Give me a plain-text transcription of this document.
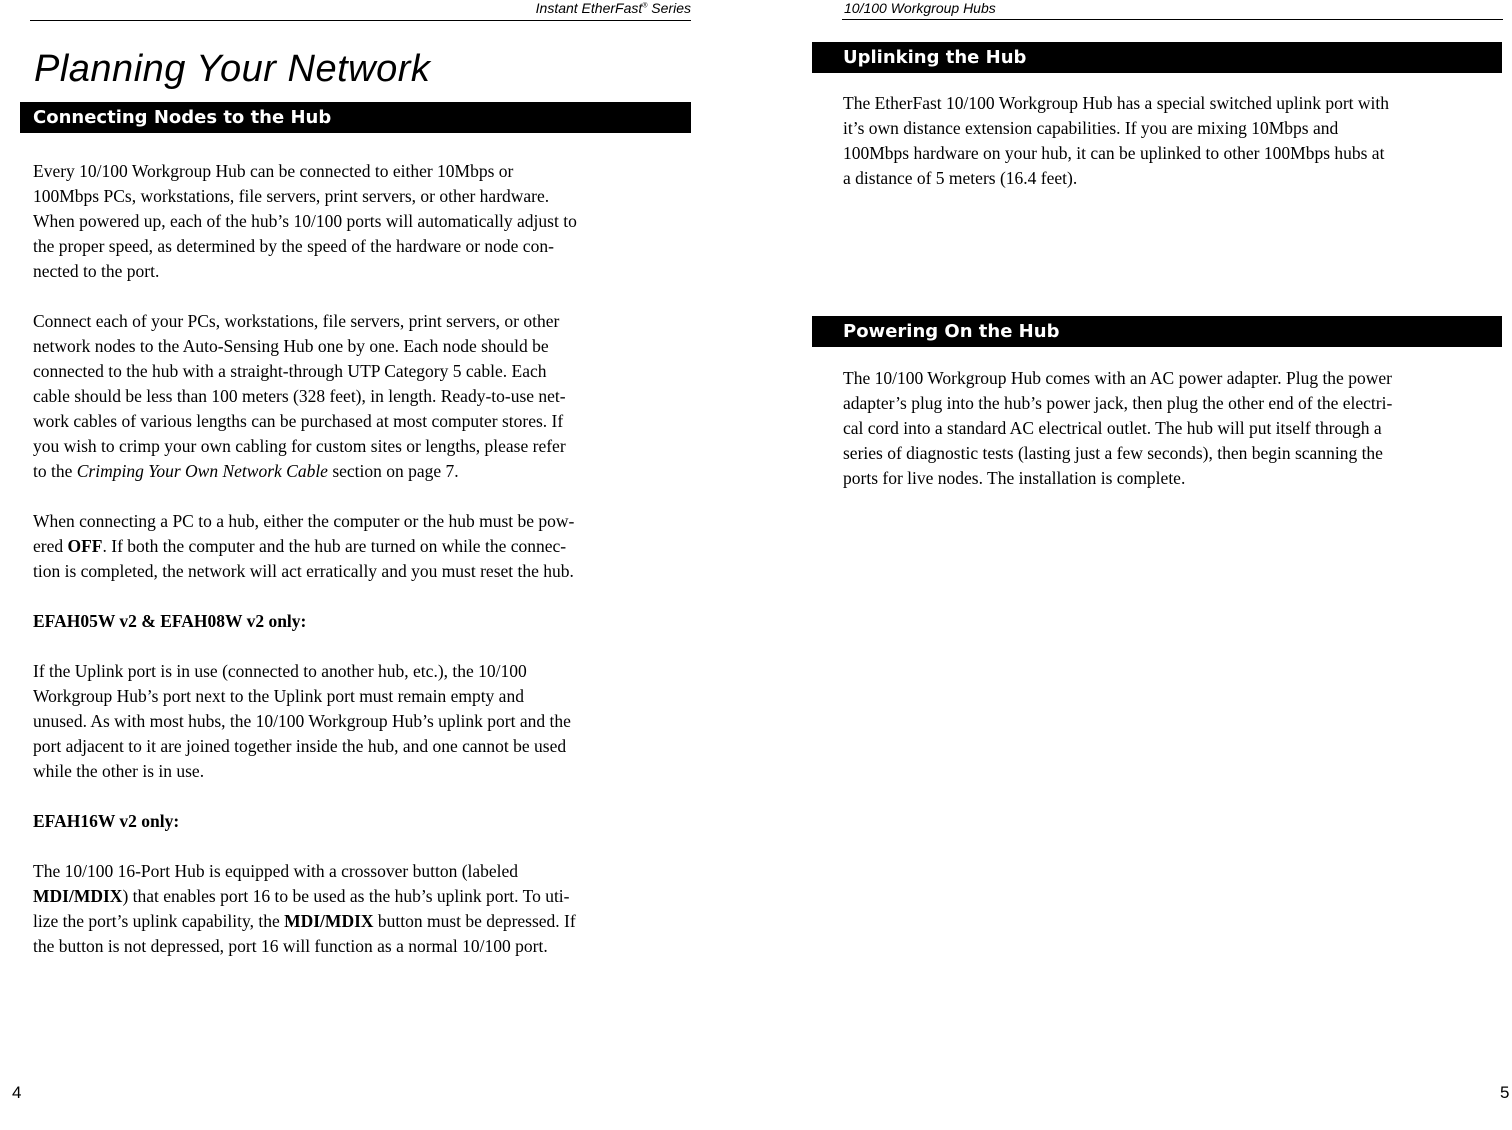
Instant EtherFast® Series
Planning Your Network
Connecting Nodes to the Hub

Every 10/100 Workgroup Hub can be connected to either 10Mbps or
100Mbps PCs, workstations, file servers, print servers, or other hardware.
When powered up, each of the hub’s 10/100 ports will automatically adjust to
the proper speed, as determined by the speed of the hardware or node con-
nected to the port.

Connect each of your PCs, workstations, file servers, print servers, or other
network nodes to the Auto-Sensing Hub one by one. Each node should be
connected to the hub with a straight-through UTP Category 5 cable. Each
cable should be less than 100 meters (328 feet), in length. Ready-to-use net-
work cables of various lengths can be purchased at most computer stores. If
you wish to crimp your own cabling for custom sites or lengths, please refer
to the Crimping Your Own Network Cable section on page 7.

When connecting a PC to a hub, either the computer or the hub must be pow-
ered OFF. If both the computer and the hub are turned on while the connec-
tion is completed, the network will act erratically and you must reset the hub.

EFAH05W v2 & EFAH08W v2 only:

If the Uplink port is in use (connected to another hub, etc.), the 10/100
Workgroup Hub’s port next to the Uplink port must remain empty and
unused. As with most hubs, the 10/100 Workgroup Hub’s uplink port and the
port adjacent to it are joined together inside the hub, and one cannot be used
while the other is in use.

EFAH16W v2 only:

The 10/100 16-Port Hub is equipped with a crossover button (labeled
MDI/MDIX) that enables port 16 to be used as the hub’s uplink port. To uti-
lize the port’s uplink capability, the MDI/MDIX button must be depressed. If
the button is not depressed, port 16 will function as a normal 10/100 port.

4
10/100 Workgroup Hubs
Uplinking the Hub

The EtherFast 10/100 Workgroup Hub has a special switched uplink port with
it’s own distance extension capabilities. If you are mixing 10Mbps and
100Mbps hardware on your hub, it can be uplinked to other 100Mbps hubs at
a distance of 5 meters (16.4 feet).

Powering On the Hub

The 10/100 Workgroup Hub comes with an AC power adapter. Plug the power
adapter’s plug into the hub’s power jack, then plug the other end of the electri-
cal cord into a standard AC electrical outlet. The hub will put itself through a
series of diagnostic tests (lasting just a few seconds), then begin scanning the
ports for live nodes. The installation is complete.

5
